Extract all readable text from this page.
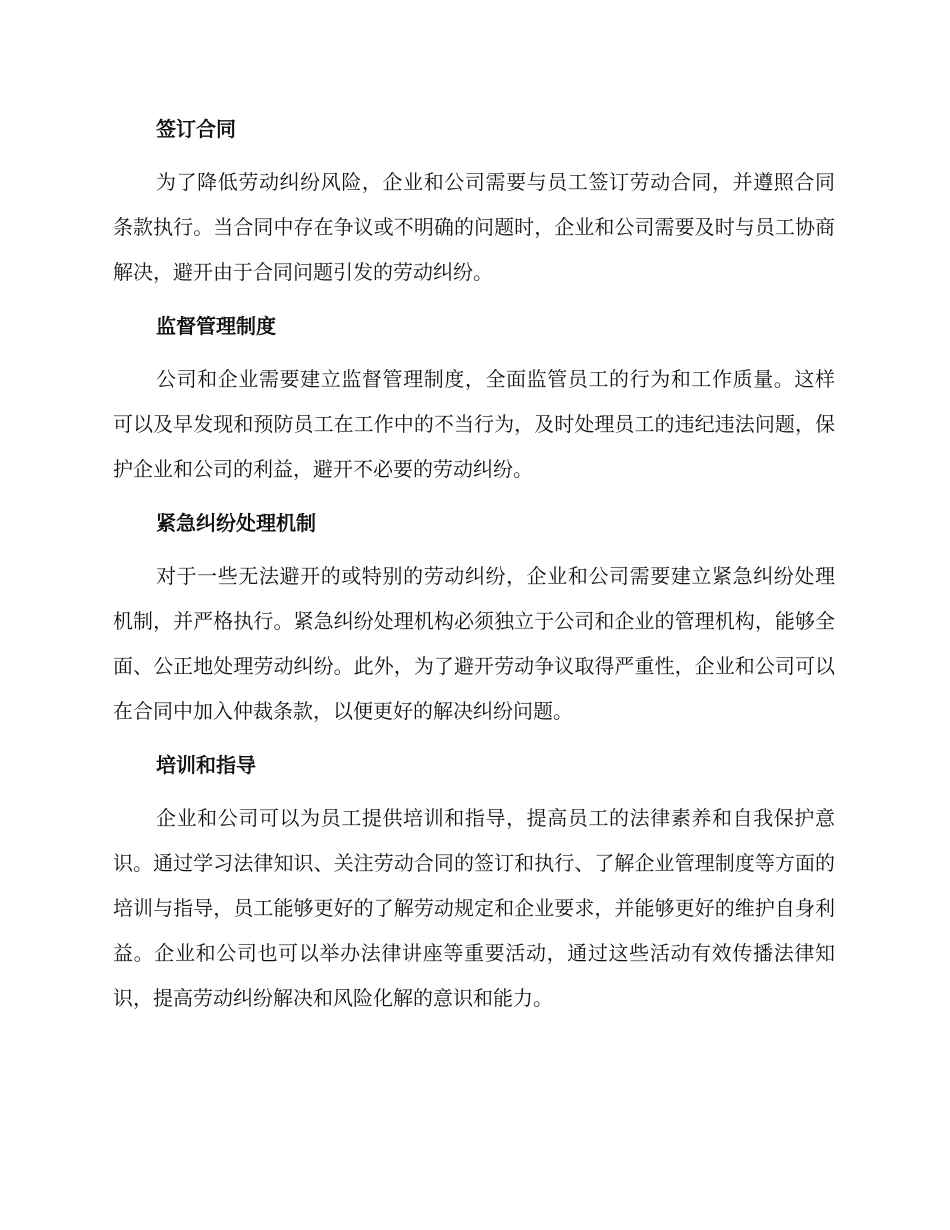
签订合同

为了降低劳动纠纷风险，企业和公司需要与员工签订劳动合同，并遵照合同条款执行。当合同中存在争议或不明确的问题时，企业和公司需要及时与员工协商解决，避开由于合同问题引发的劳动纠纷。

监督管理制度

公司和企业需要建立监督管理制度，全面监管员工的行为和工作质量。这样可以及早发现和预防员工在工作中的不当行为，及时处理员工的违纪违法问题，保护企业和公司的利益，避开不必要的劳动纠纷。

紧急纠纷处理机制

对于一些无法避开的或特别的劳动纠纷，企业和公司需要建立紧急纠纷处理机制，并严格执行。紧急纠纷处理机构必须独立于公司和企业的管理机构，能够全面、公正地处理劳动纠纷。此外，为了避开劳动争议取得严重性，企业和公司可以在合同中加入仲裁条款，以便更好的解决纠纷问题。

培训和指导

企业和公司可以为员工提供培训和指导，提高员工的法律素养和自我保护意识。通过学习法律知识、关注劳动合同的签订和执行、了解企业管理制度等方面的培训与指导，员工能够更好的了解劳动规定和企业要求，并能够更好的维护自身利益。企业和公司也可以举办法律讲座等重要活动，通过这些活动有效传播法律知识，提高劳动纠纷解决和风险化解的意识和能力。
